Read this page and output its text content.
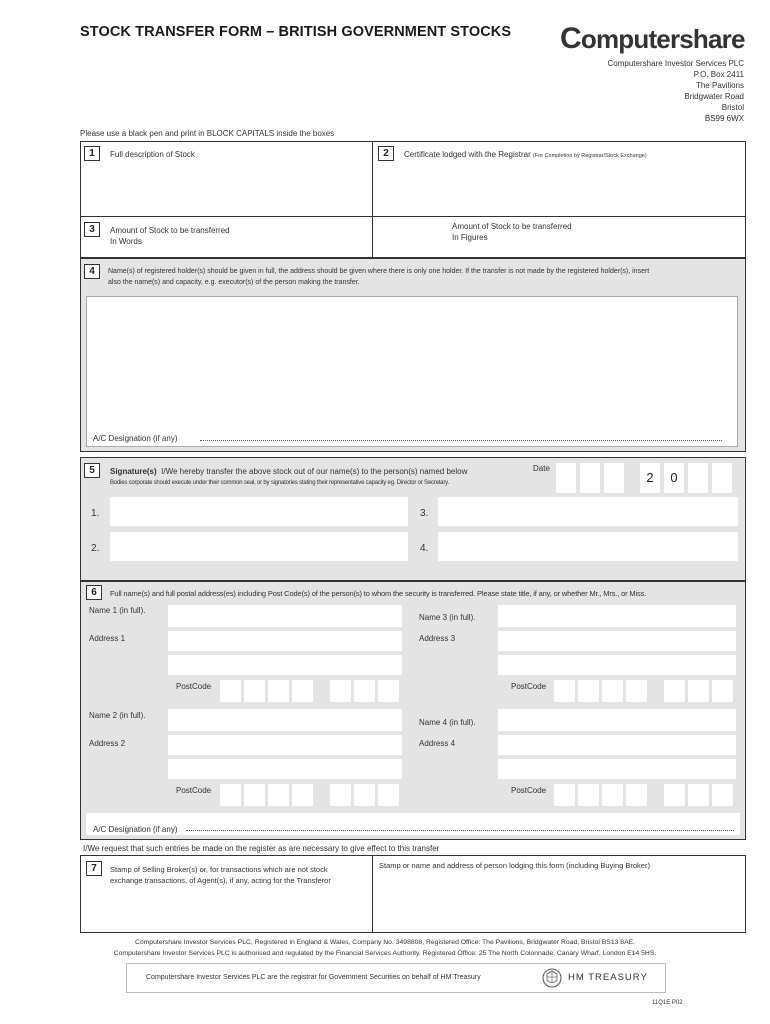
STOCK TRANSFER FORM – BRITISH GOVERNMENT STOCKS Computershare
Computershare Investor Services PLC
P.O. Box 2411
The Pavilions
Bridgwater Road
Bristol
BS99 6WX
Please use a black pen and print in BLOCK CAPITALS inside the boxes
1	Full description of Stock	2	Certificate lodged with the Registrar (For Completion by Registrar/Stock Exchange)
3	Amount of Stock to be transferred
In Words
Amount of Stock to be transferred
In Figures
4	Name(s) of registered holder(s) should be given in full, the address should be given where there is only one holder. If the transfer is not made by the registered holder(s), insert
also the name(s) and capacity, e.g. executor(s) of the person making the transfer.
A/C Designation (if any)
5	Signature(s) I/We hereby transfer the above stock out of our name(s) to the person(s) named below
Bodies corporate should execute under their common seal, or by signatories stating their representative capacity eg. Director or Secretary.
Date
2	0
1.
2.
3.
4.
6	Full name(s) and full postal address(es) including Post Code(s) of the person(s) to whom the security is transferred. Please state title, if any, or whether Mr., Mrs., or Miss.
Name 1 (in full).
Address 1
PostCode
Name 2 (in full).
Address 2
PostCode
Name 3 (in full).
Address 3
PostCode
Name 4 (in full).
Address 4
PostCode
A/C Designation (if any)
I/We request that such entries be made on the register as are necessary to give effect to this transfer
7	Stamp of Selling Broker(s) or, for transactions which are not stock
exchange transactions, of Agent(s), if any, acting for the Transferor
Stamp or name and address of person lodging this form (including Buying Broker)
Computershare Investor Services PLC, Registered in England & Wales, Company No. 3498808, Registered Office: The Pavilions, Bridgwater Road, Bristol BS13 8AE.
Computershare Investor Services PLC is authorised and regulated by the Financial Services Authority, Registered Office: 25 The North Colonnade, Canary Wharf, London E14 5HS.
Computershare Investor Services PLC are the registrar for Government Securities on behalf of HM Treasury	HM TREASURY
11Q1E P02
